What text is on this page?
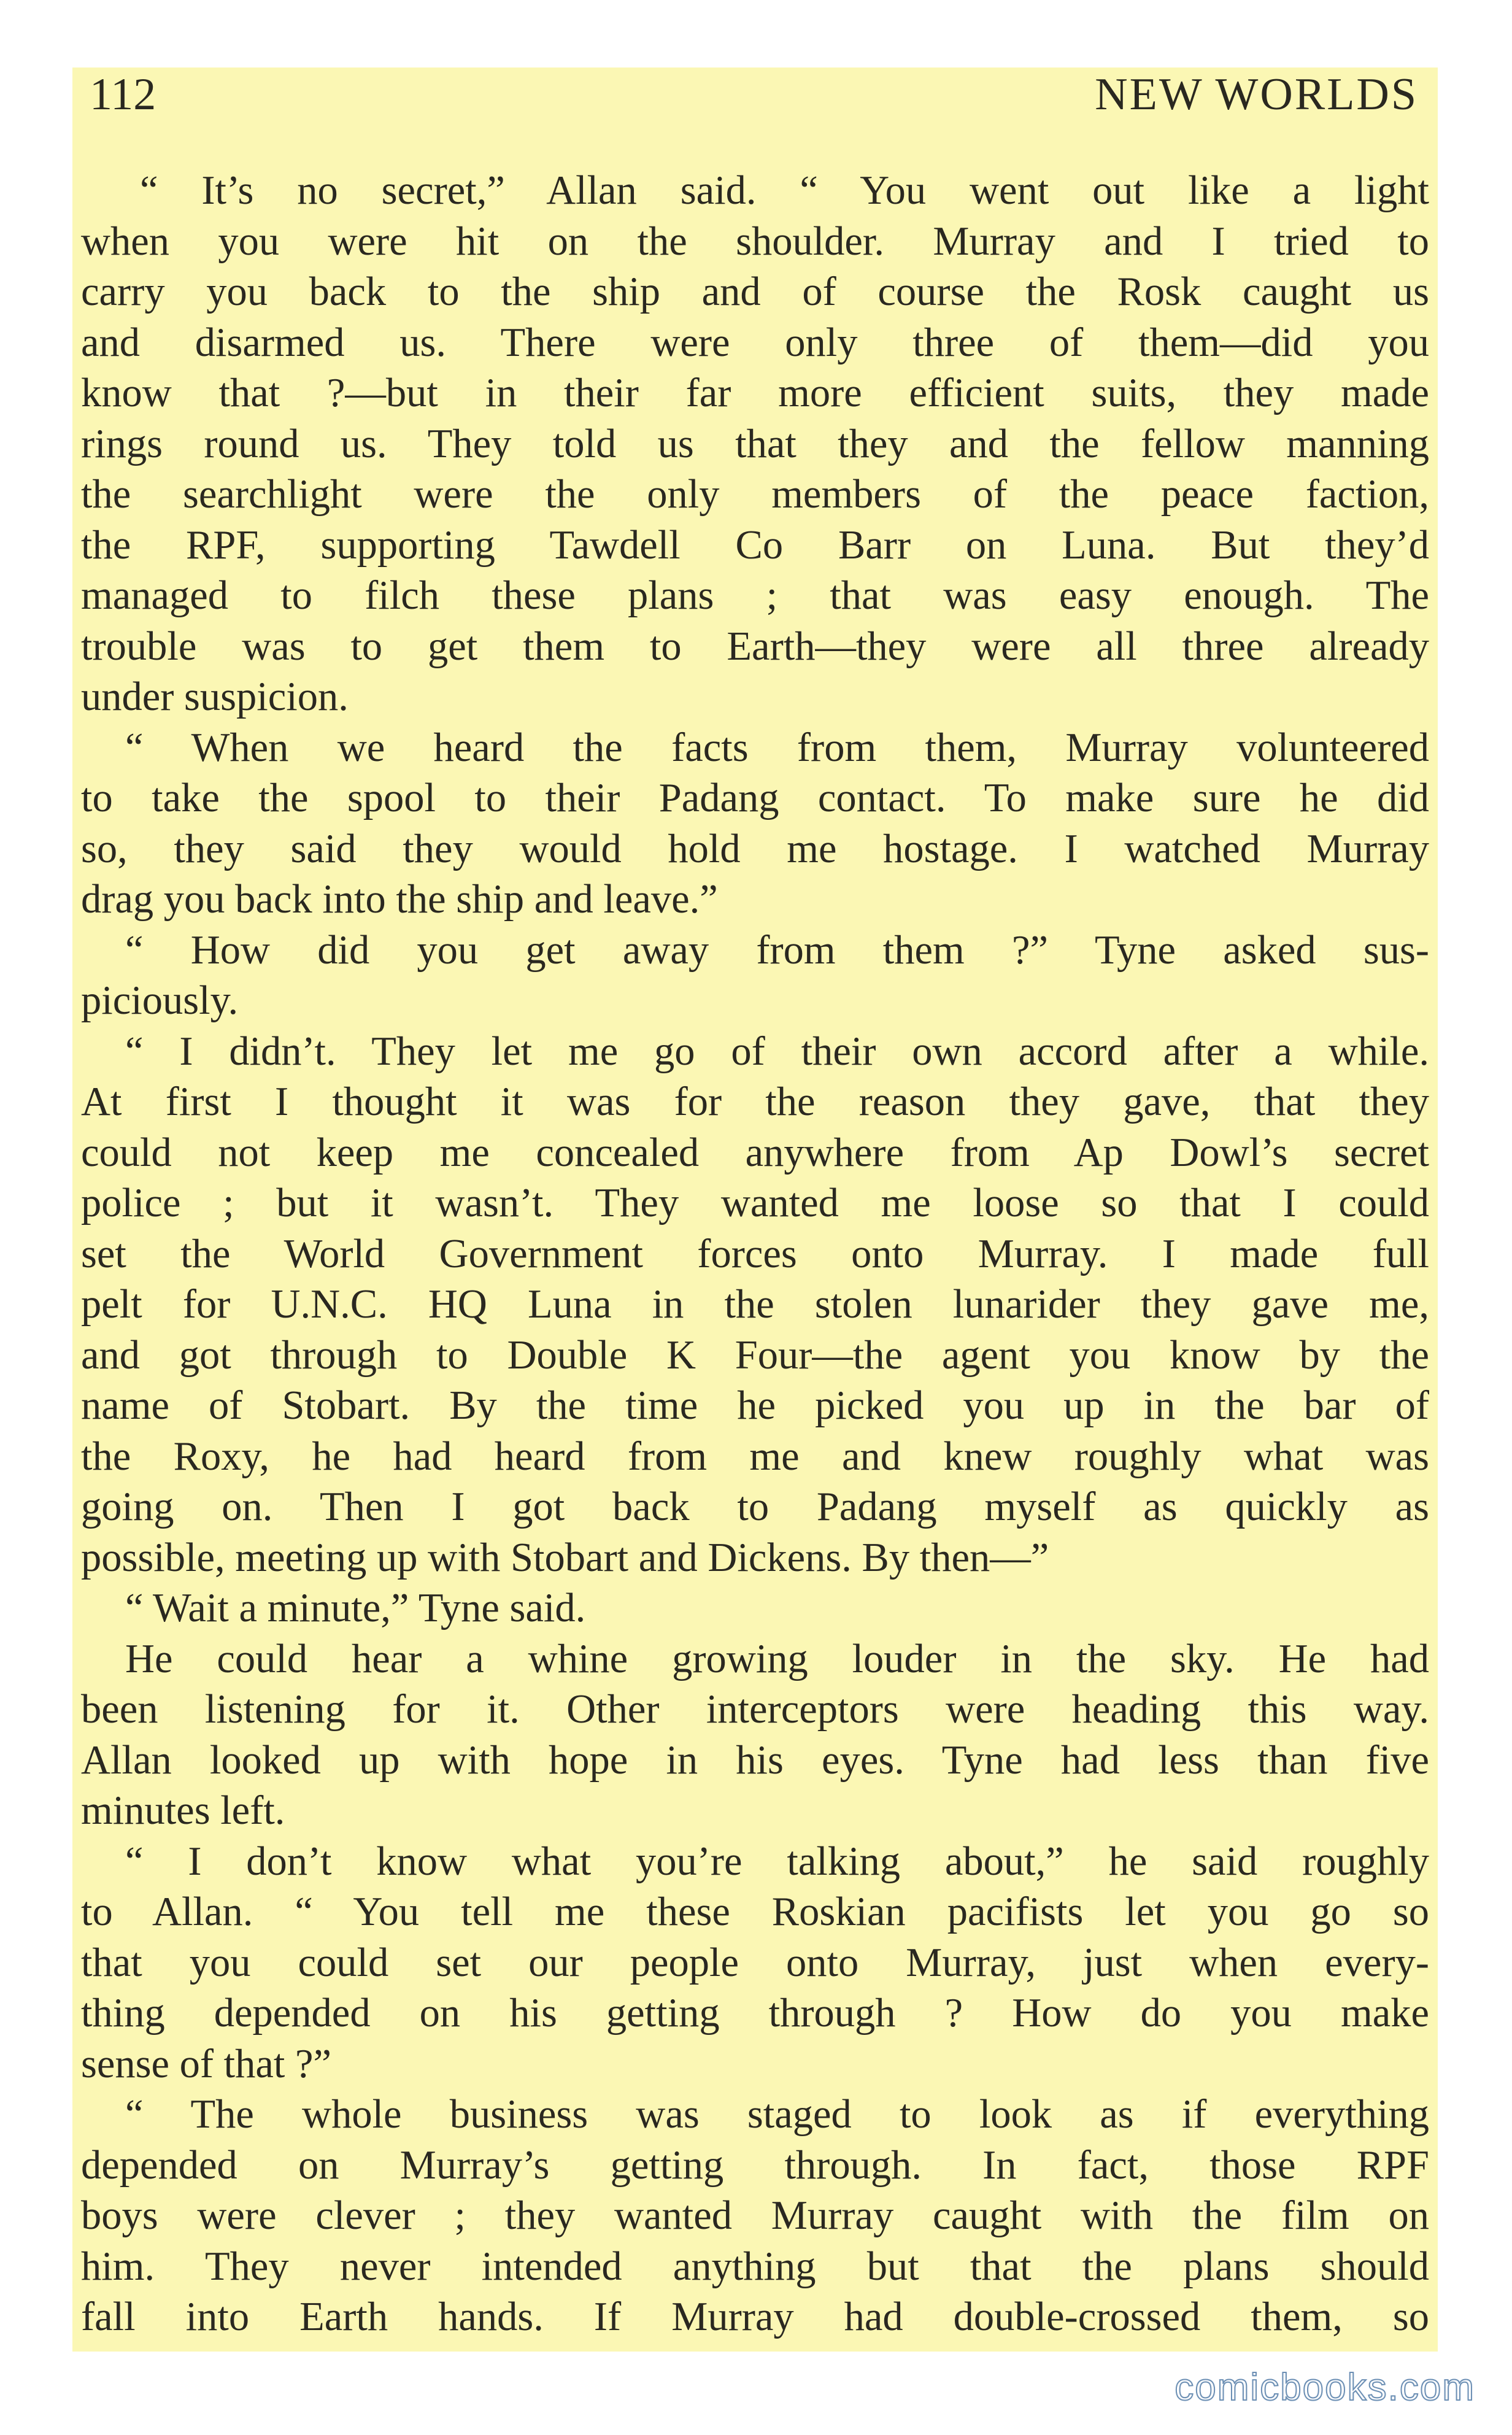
112	NEW WORLDS
“ It’s no secret,” Allan said. “ You went out like a light
when you were hit on the shoulder. Murray and I tried to
carry you back to the ship and of course the Rosk caught us
and disarmed us. There were only three of them—did you
know that ?—but in their far more efficient suits, they made
rings round us. They told us that they and the fellow manning
the searchlight were the only members of the peace faction,
the RPF, supporting Tawdell Co Barr on Luna. But they’d
managed to filch these plans ; that was easy enough. The
trouble was to get them to Earth—they were all three already
under suspicion.
“ When we heard the facts from them, Murray volunteered
to take the spool to their Padang contact. To make sure he did
so, they said they would hold me hostage. I watched Murray
drag you back into the ship and leave.”
“ How did you get away from them ?” Tyne asked sus-
piciously.
“ I didn’t. They let me go of their own accord after a while.
At first I thought it was for the reason they gave, that they
could not keep me concealed anywhere from Ap Dowl’s secret
police ; but it wasn’t. They wanted me loose so that I could
set the World Government forces onto Murray. I made full
pelt for U.N.C. HQ Luna in the stolen lunarider they gave me,
and got through to Double K Four—the agent you know by the
name of Stobart. By the time he picked you up in the bar of
the Roxy, he had heard from me and knew roughly what was
going on. Then I got back to Padang myself as quickly as
possible, meeting up with Stobart and Dickens. By then—”
“ Wait a minute,” Tyne said.
He could hear a whine growing louder in the sky. He had
been listening for it. Other interceptors were heading this way.
Allan looked up with hope in his eyes. Tyne had less than five
minutes left.
“ I don’t know what you’re talking about,” he said roughly
to Allan. “ You tell me these Roskian pacifists let you go so
that you could set our people onto Murray, just when every-
thing depended on his getting through ? How do you make
sense of that ?”
“ The whole business was staged to look as if everything
depended on Murray’s getting through. In fact, those RPF
boys were clever ; they wanted Murray caught with the film on
him. They never intended anything but that the plans should
fall into Earth hands. If Murray had double-crossed them, so
comicbooks.com
